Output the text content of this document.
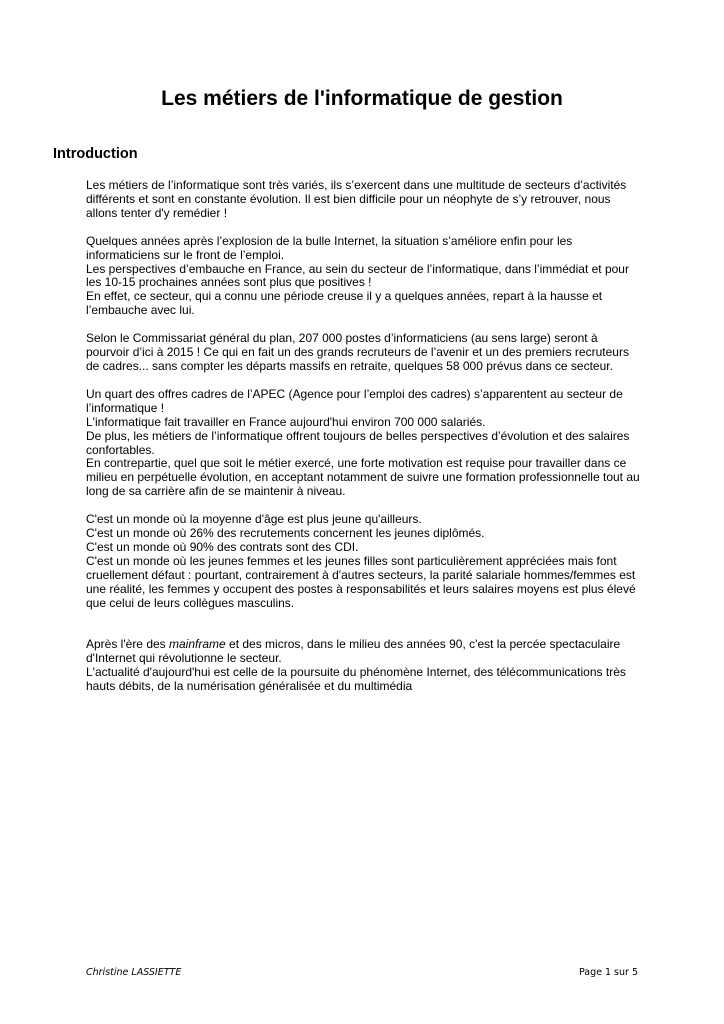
Les métiers de l'informatique de gestion
Introduction

Les métiers de l’informatique sont très variés, ils s’exercent dans une multitude de secteurs d’activités différents et sont en constante évolution. Il est bien difficile pour un néophyte de s’y retrouver, nous allons tenter d'y remédier !

Quelques années après l’explosion de la bulle Internet, la situation s’améliore enfin pour les informaticiens sur le front de l’emploi.
Les perspectives d’embauche en France, au sein du secteur de l’informatique, dans l’immédiat et pour les 10-15 prochaines années sont plus que positives !
En effet, ce secteur, qui a connu une période creuse il y a quelques années, repart à la hausse et l’embauche avec lui.

Selon le Commissariat général du plan, 207 000 postes d’informaticiens (au sens large) seront à pourvoir d’ici à 2015 ! Ce qui en fait un des grands recruteurs de l’avenir et un des premiers recruteurs de cadres... sans compter les départs massifs en retraite, quelques 58 000 prévus dans ce secteur.

Un quart des offres cadres de l’APEC (Agence pour l’emploi des cadres) s’apparentent au secteur de l’informatique !
L'informatique fait travailler en France aujourd'hui environ 700 000 salariés.
De plus, les métiers de l’informatique offrent toujours de belles perspectives d’évolution et des salaires confortables.
En contrepartie, quel que soit le métier exercé, une forte motivation est requise pour travailler dans ce milieu en perpétuelle évolution, en acceptant notamment de suivre une formation professionnelle tout au long de sa carrière afin de se maintenir à niveau.

C'est un monde où la moyenne d'âge est plus jeune qu'ailleurs.
C'est un monde où 26% des recrutements concernent les jeunes diplômés.
C'est un monde où 90% des contrats sont des CDI.
C'est un monde où les jeunes femmes et les jeunes filles sont particulièrement appréciées mais font cruellement défaut : pourtant, contrairement à d'autres secteurs, la parité salariale hommes/femmes est une réalité, les femmes y occupent des postes à responsabilités et leurs salaires moyens est plus élevé que celui de leurs collègues masculins.

Après l'ère des mainframe et des micros, dans le milieu des années 90, c'est la percée spectaculaire d'Internet qui révolutionne le secteur.
L'actualité d'aujourd'hui est celle de la poursuite du phénomène Internet, des télécommunications très hauts débits, de la numérisation généralisée et du multimédia

Christine LASSIETTE	Page 1 sur 5
